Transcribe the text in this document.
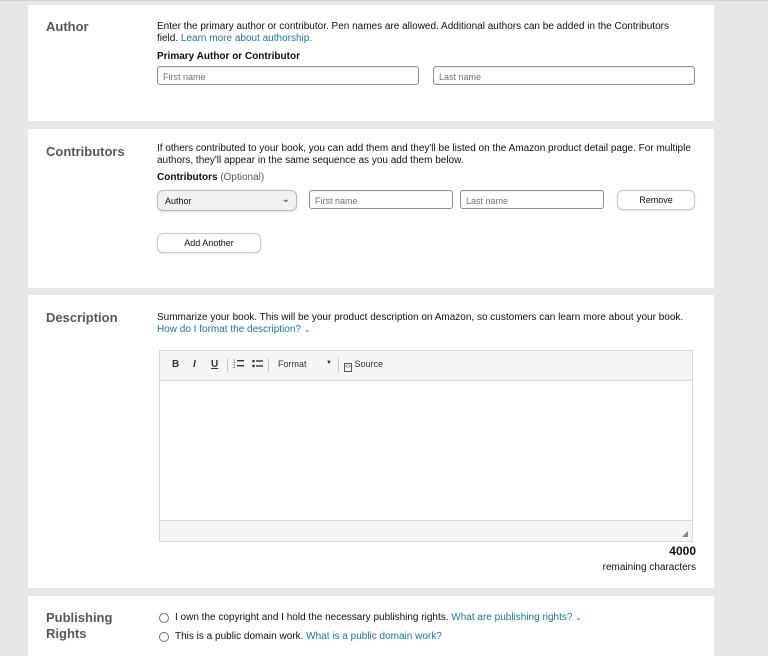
Author	Enter the primary author or contributor. Pen names are allowed. Additional authors can be added in the Contributors field. Learn more about authorship.
Primary Author or Contributor
First name	Last name
Contributors	If others contributed to your book, you can add them and they'll be listed on the Amazon product detail page. For multiple authors, they'll appear in the same sequence as you add them below.
Contributors (Optional)
Author	⌄	First name	Last name	Remove
Add Another
Description	Summarize your book. This will be your product description on Amazon, so customers can learn more about your book.
How do I format the description? ⌄
B I U	1
2	Format	▼
<> Source
◢
4000
remaining characters
Publishing
Rights
I own the copyright and I hold the necessary publishing rights. What are publishing rights? ⌄
This is a public domain work. What is a public domain work?
